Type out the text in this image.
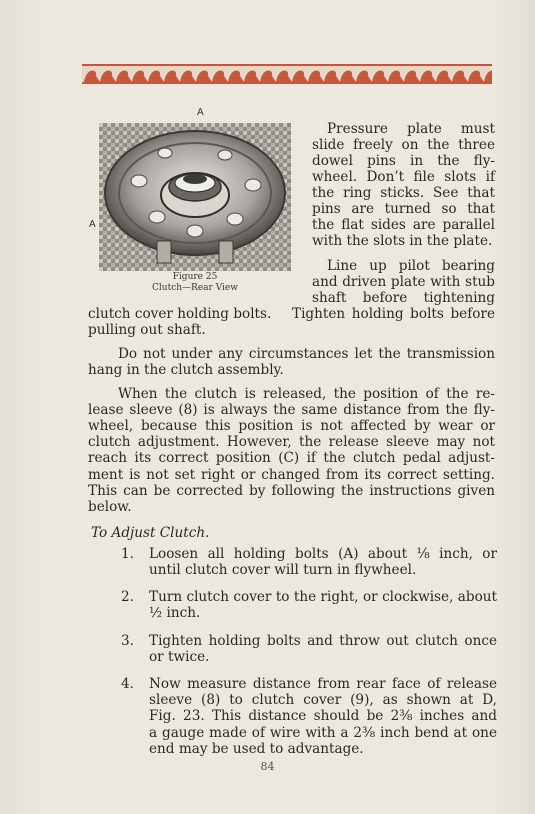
A
A
Figure 25
Clutch—Rear View
Pressure plate must
slide freely on the three
dowel pins in the fly-
wheel. Don’t file slots if
the ring sticks. See that
pins are turned so that
the flat sides are parallel
with the slots in the plate.
Line up pilot bearing
and driven plate with stub
shaft before tightening
clutch cover holding bolts. Tighten holding bolts before
pulling out shaft.
Do not under any circumstances let the transmission
hang in the clutch assembly.
When the clutch is released, the position of the re-
lease sleeve (8) is always the same distance from the fly-
wheel, because this position is not affected by wear or
clutch adjustment. However, the release sleeve may not
reach its correct position (C) if the clutch pedal adjust-
ment is not set right or changed from its correct setting.
This can be corrected by following the instructions given
below.
To Adjust Clutch.
1. Loosen all holding bolts (A) about ⅛ inch, or
until clutch cover will turn in flywheel.
2. Turn clutch cover to the right, or clockwise, about
½ inch.
3. Tighten holding bolts and throw out clutch once
or twice.
4. Now measure distance from rear face of release
sleeve (8) to clutch cover (9), as shown at D,
Fig. 23. This distance should be 2⅜ inches and
a gauge made of wire with a 2⅜ inch bend at one
end may be used to advantage.
84
